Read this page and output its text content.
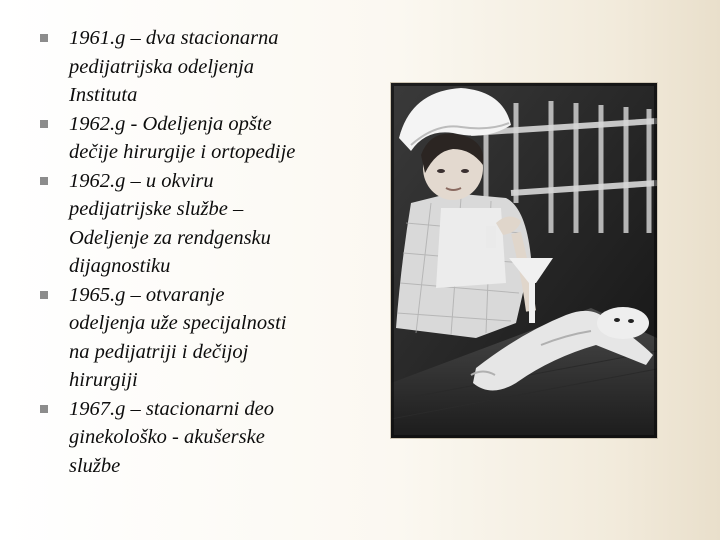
1961.g – dva stacionarna
pedijatrijska odeljenja
Instituta
1962.g - Odeljenja opšte
dečije hirurgije i ortopedije
1962.g – u okviru
pedijatrijske službe –
Odeljenje za rendgensku
dijagnostiku
1965.g – otvaranje
odeljenja uže specijalnosti
na pedijatriji i dečijoj
hirurgiji
1967.g – stacionarni deo
ginekološko - akušerske
službe
